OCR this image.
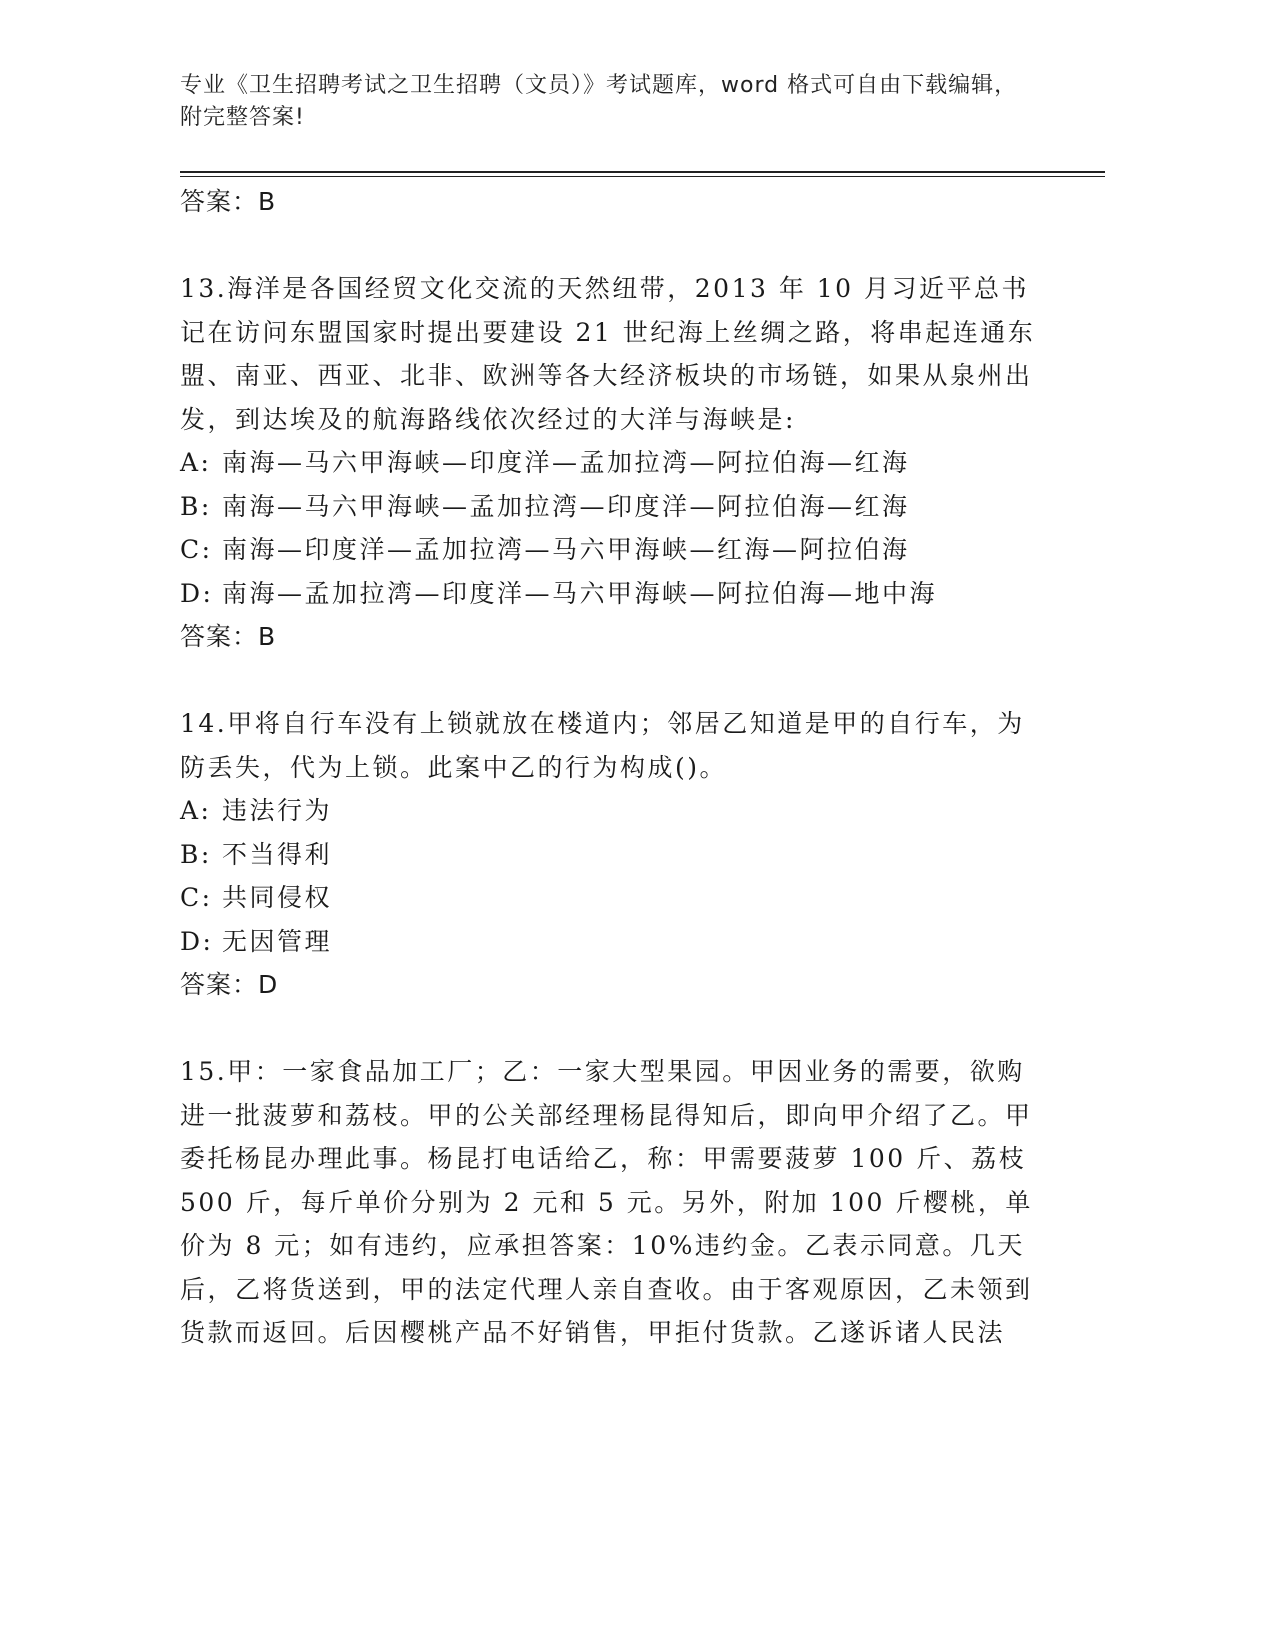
专业《卫生招聘考试之卫生招聘（文员）》考试题库，word 格式可自由下载编辑，附完整答案!
答案：B

13.海洋是各国经贸文化交流的天然纽带，2013 年 10 月习近平总书记在访问东盟国家时提出要建设 21 世纪海上丝绸之路，将串起连通东盟、南亚、西亚、北非、欧洲等各大经济板块的市场链，如果从泉州出发，到达埃及的航海路线依次经过的大洋与海峡是:

A: 南海—马六甲海峡—印度洋—孟加拉湾—阿拉伯海—红海
B: 南海—马六甲海峡—孟加拉湾—印度洋—阿拉伯海—红海
C: 南海—印度洋—孟加拉湾—马六甲海峡—红海—阿拉伯海
D: 南海—孟加拉湾—印度洋—马六甲海峡—阿拉伯海—地中海
答案：B

14.甲将自行车没有上锁就放在楼道内；邻居乙知道是甲的自行车，为防丢失，代为上锁。此案中乙的行为构成()。

A: 违法行为
B: 不当得利
C: 共同侵权
D: 无因管理
答案：D

15.甲：一家食品加工厂；乙：一家大型果园。甲因业务的需要，欲购进一批菠萝和荔枝。甲的公关部经理杨昆得知后，即向甲介绍了乙。甲委托杨昆办理此事。杨昆打电话给乙，称：甲需要菠萝 100 斤、荔枝 500 斤，每斤单价分别为 2 元和 5 元。另外，附加 100 斤樱桃，单价为 8 元；如有违约，应承担答案：10%违约金。乙表示同意。几天后，乙将货送到，甲的法定代理人亲自查收。由于客观原因，乙未领到货款而返回。后因樱桃产品不好销售，甲拒付货款。乙遂诉诸人民法
